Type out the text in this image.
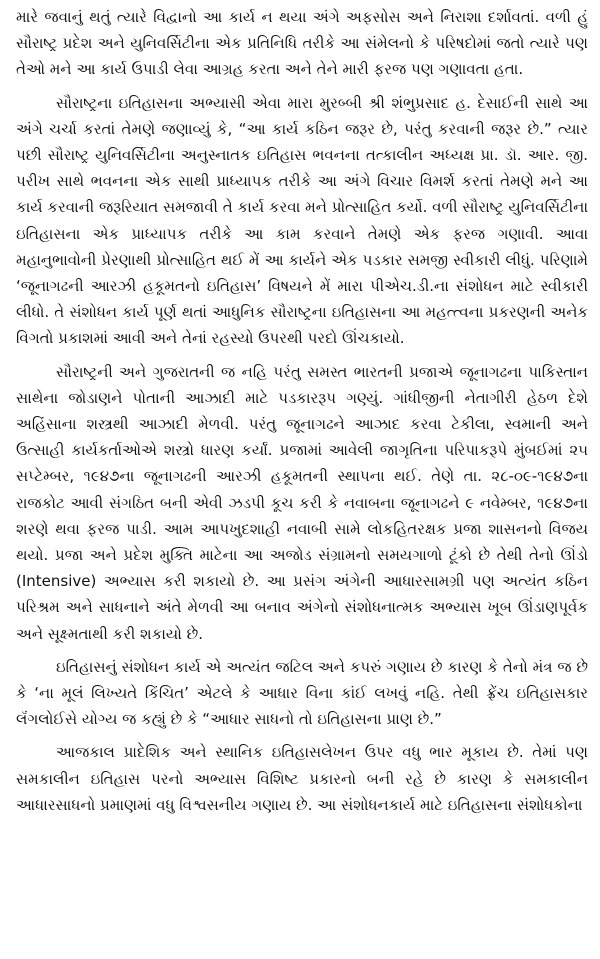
મારે જવાનું થતું ત્યારે વિદ્વાનો આ કાર્ય ન થયા અંગે અફસોસ અને નિરાશા દર્શાવતાં. વળી હું સૌરાષ્ટ્ર પ્રદેશ અને યુનિવર્સિટીના એક પ્રતિનિધિ તરીકે આ સંમેલનો કે પરિષદોમાં જતો ત્યારે પણ તેઓ મને આ કાર્ય ઉપાડી લેવા આગ્રહ કરતા અને તેને મારી ફરજ પણ ગણાવતા હતા.

સૌરાષ્ટ્રના ઇતિહાસના અભ્યાસી એવા મારા મુરબ્બી શ્રી શંભુપ્રસાદ હ. દેસાઈની સાથે આ અંગે ચર્ચા કરતાં તેમણે જણાવ્યું કે, “આ કાર્ય કઠિન જરૂર છે, પરંતુ કરવાની જરૂર છે.” ત્યાર પછી સૌરાષ્ટ્ર યુનિવર્સિટીના અનુસ્નાતક ઇતિહાસ ભવનના તત્કાલીન અધ્યક્ષ પ્રા. ડૉ. આર. જી. પરીખ સાથે ભવનના એક સાથી પ્રાધ્યાપક તરીકે આ અંગે વિચાર વિમર્શ કરતાં તેમણે મને આ કાર્ય કરવાની જરૂરિયાત સમજાવી તે કાર્ય કરવા મને પ્રોત્સાહિત કર્યો. વળી સૌરાષ્ટ્ર યુનિવર્સિટીના ઇતિહાસના એક પ્રાધ્યાપક તરીકે આ કામ કરવાને તેમણે એક ફરજ ગણાવી. આવા મહાનુભાવોની પ્રેરણાથી પ્રોત્સાહિત થઈ મેં આ કાર્યને એક પડકાર સમજી સ્વીકારી લીધું. પરિણામે ‘જૂનાગઢની આરઝી હકૂમતનો ઇતિહાસ’ વિષયને મેં મારા પીએચ.ડી.ના સંશોધન માટે સ્વીકારી લીધો. તે સંશોધન કાર્ય પૂર્ણ થતાં આધુનિક સૌરાષ્ટ્રના ઇતિહાસના આ મહત્ત્વના પ્રકરણની અનેક વિગતો પ્રકાશમાં આવી અને તેનાં રહસ્યો ઉપરથી પરદો ઊંચકાયો.

સૌરાષ્ટ્રની અને ગુજરાતની જ નહિ પરંતુ સમસ્ત ભારતની પ્રજાએ જૂનાગઢના પાકિસ્તાન સાથેના જોડાણને પોતાની આઝાદી માટે પડકારરૂપ ગણ્યું. ગાંધીજીની નેતાગીરી હેઠળ દેશે અહિંસાના શસ્ત્રથી આઝાદી મેળવી. પરંતુ જૂનાગઢને આઝાદ કરવા ટેકીલા, સ્વમાની અને ઉત્સાહી કાર્યકર્તાઓએ શસ્ત્રો ધારણ કર્યાં. પ્રજામાં આવેલી જાગૃતિના પરિપાકરૂપે મુંબઈમાં ૨૫ સપ્ટેમ્બર, ૧૯૪૭ના જૂનાગઢની આરઝી હકૂમતની સ્થાપના થઈ. તેણે તા. ૨૮-૦૯-૧૯૪૭ના રાજકોટ આવી સંગઠિત બની એવી ઝડપી કૂચ કરી કે નવાબના જૂનાગઢને ૯ નવેમ્બર, ૧૯૪૭ના શરણે થવા ફરજ પાડી. આમ આપખુદશાહી નવાબી સામે લોકહિતરક્ષક પ્રજા શાસનનો વિજય થયો. પ્રજા અને પ્રદેશ મુક્તિ માટેના આ અજોડ સંગ્રામનો સમયગાળો ટૂંકો છે તેથી તેનો ઊંડો (Intensive) અભ્યાસ કરી શકાયો છે. આ પ્રસંગ અંગેની આધારસામગ્રી પણ અત્યંત કઠિન પરિશ્રમ અને સાધનાને અંતે મેળવી આ બનાવ અંગેનો સંશોધનાત્મક અભ્યાસ ખૂબ ઊંડાણપૂર્વક અને સૂક્ષ્મતાથી કરી શકાયો છે.

ઇતિહાસનું સંશોધન કાર્ય એ અત્યંત જટિલ અને કપરું ગણાય છે કારણ કે તેનો મંત્ર જ છે કે ‘ના મૂલં લિખ્યતે કિંચિત’ એટલે કે આધાર વિના કાંઈ લખવું નહિ. તેથી ફ્રેંચ ઇતિહાસકાર લૅંગલોઈસે યોગ્ય જ કહ્યું છે કે “આધાર સાધનો તો ઇતિહાસના પ્રાણ છે.”

આજકાલ પ્રાદેશિક અને સ્થાનિક ઇતિહાસલેખન ઉપર વધુ ભાર મૂકાય છે. તેમાં પણ સમકાલીન ઇતિહાસ પરનો અભ્યાસ વિશિષ્ટ પ્રકારનો બની રહે છે કારણ કે સમકાલીન આધારસાધનો પ્રમાણમાં વધુ વિશ્વસનીય ગણાય છે. આ સંશોધનકાર્ય માટે ઇતિહાસના સંશોધકોના
